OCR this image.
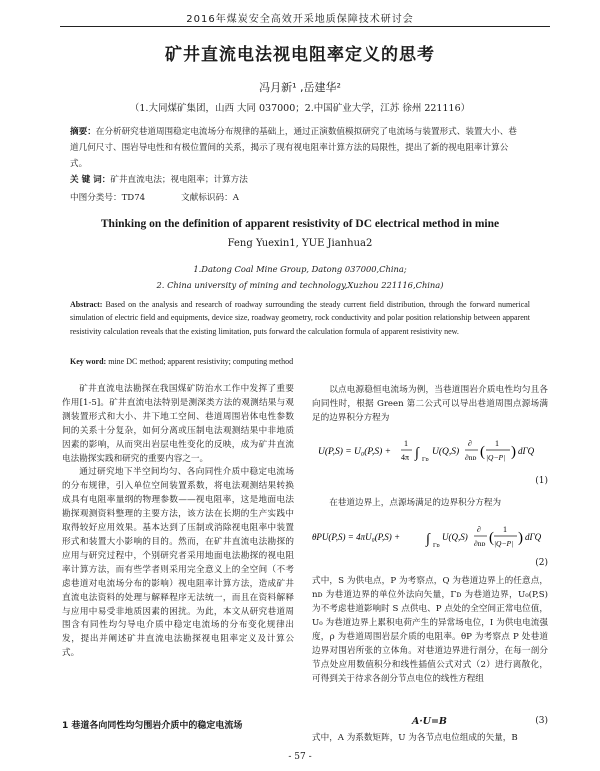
2016年煤炭安全高效开采地质保障技术研讨会
矿井直流电法视电阻率定义的思考
冯月新¹ ,岳建华²
（1.大同煤矿集团，山西 大同 037000；2.中国矿业大学，江苏 徐州 221116）
摘要：在分析研究巷道周围稳定电流场分布规律的基础上，通过正演数值模拟研究了电流场与装置形式、装置大小、巷道几何尺寸、围岩导电性和有极位置间的关系，揭示了现有视电阻率计算方法的局限性，提出了新的视电阻率计算公式。
关 键 词：矿井直流电法；视电阻率；计算方法
中图分类号：TD74	文献标识码：A
Thinking on the definition of apparent resistivity of DC electrical method in mine
Feng Yuexin1, YUE Jianhua2
1.Datong Coal Mine Group, Datong 037000,China;
2. China university of mining and technology,Xuzhou 221116,China)
Abstract: Based on the analysis and research of roadway surrounding the steady current field distribution, through the forward numerical simulation of electric field and equipments, device size, roadway geometry, rock conductivity and polar position relationship between apparent resistivity calculation reveals that the existing limitation, puts forward the calculation formula of apparent resistivity new.
Key word: mine DC method; apparent resistivity; computing method

矿井直流电法勘探在我国煤矿防治水工作中发挥了重要作用[1-5]。矿井直流电法特别是测深类方法的观测结果与观测装置形式和大小、井下地工空间、巷道周围岩体电性参数间的关系十分复杂，如何分离或压制电法观测结果中非地质因素的影响，从而突出岩层电性变化的反映，成为矿井直流电法勘探实践和研究的重要内容之一。

通过研究地下半空间均匀、各向同性介质中稳定电流场的分布规律，引入单位空间装置系数，将电法观测结果转换成具有电阻率量纲的物理参数——视电阻率，这是地面电法勘探观测资料整理的主要方法，该方法在长期的生产实践中取得较好应用效果。基本达到了压制或消除视电阻率中装置形式和装置大小影响的目的。然而，在矿井直流电法勘探的应用与研究过程中，个别研究者采用地面电法勘探的视电阻率计算方法，而有些学者则采用完全意义上的全空间（不考虑巷道对电流场分布的影响）视电阻率计算方法，造成矿井直流电法资料的处理与解释程序无法统一，而且在资料解释与应用中易受非地质因素的困扰。为此，本文从研究巷道周围含有同性均匀导电介质中稳定电流场的分布变化规律出发，提出并阐述矿井直流电法勘探视电阻率定义及计算公式。

1 巷道各向同性均匀围岩介质中的稳定电流场

以点电源稳恒电流场为例，当巷道围岩介质电性均匀且各向同性时，根据 Green 第二公式可以导出巷道周围点源场满足的边界积分方程为

U(P,S) = U₀(P,S) +
1
4π ∫ Γᴅ
U(Q,S)
∂
∂nᴅ (
1
|Q−P| ) dΓQ
(1)

在巷道边界上，点源场满足的边界积分方程为

θPU(P,S) = 4πU₀(P,S) + ∫ Γᴅ
U(Q,S)
∂
∂nᴅ (
1
|Q−P| ) dΓQ
(2)

式中，S 为供电点，P 为考察点，Q 为巷道边界上的任意点，nᴅ 为巷道边界的单位外法向矢量，Γᴅ 为巷道边界，U₀(P,S) 为不考虑巷道影响时 S 点供电、P 点处的全空间正常电位值，U₀ 为巷道边界上累积电荷产生的异常场电位，I 为供电电流强度，ρ 为巷道周围岩层介质的电阻率。θP 为考察点 P 处巷道边界对围岩所张的立体角。对巷道边界进行剖分，在每一剖分节点处应用数值积分和线性插值公式对式（2）进行离散化，可得到关于待求各剖分节点电位的线性方程组

A·U=B	(3)

式中，A 为系数矩阵，U 为各节点电位组成的矢量，B

- 57 -
